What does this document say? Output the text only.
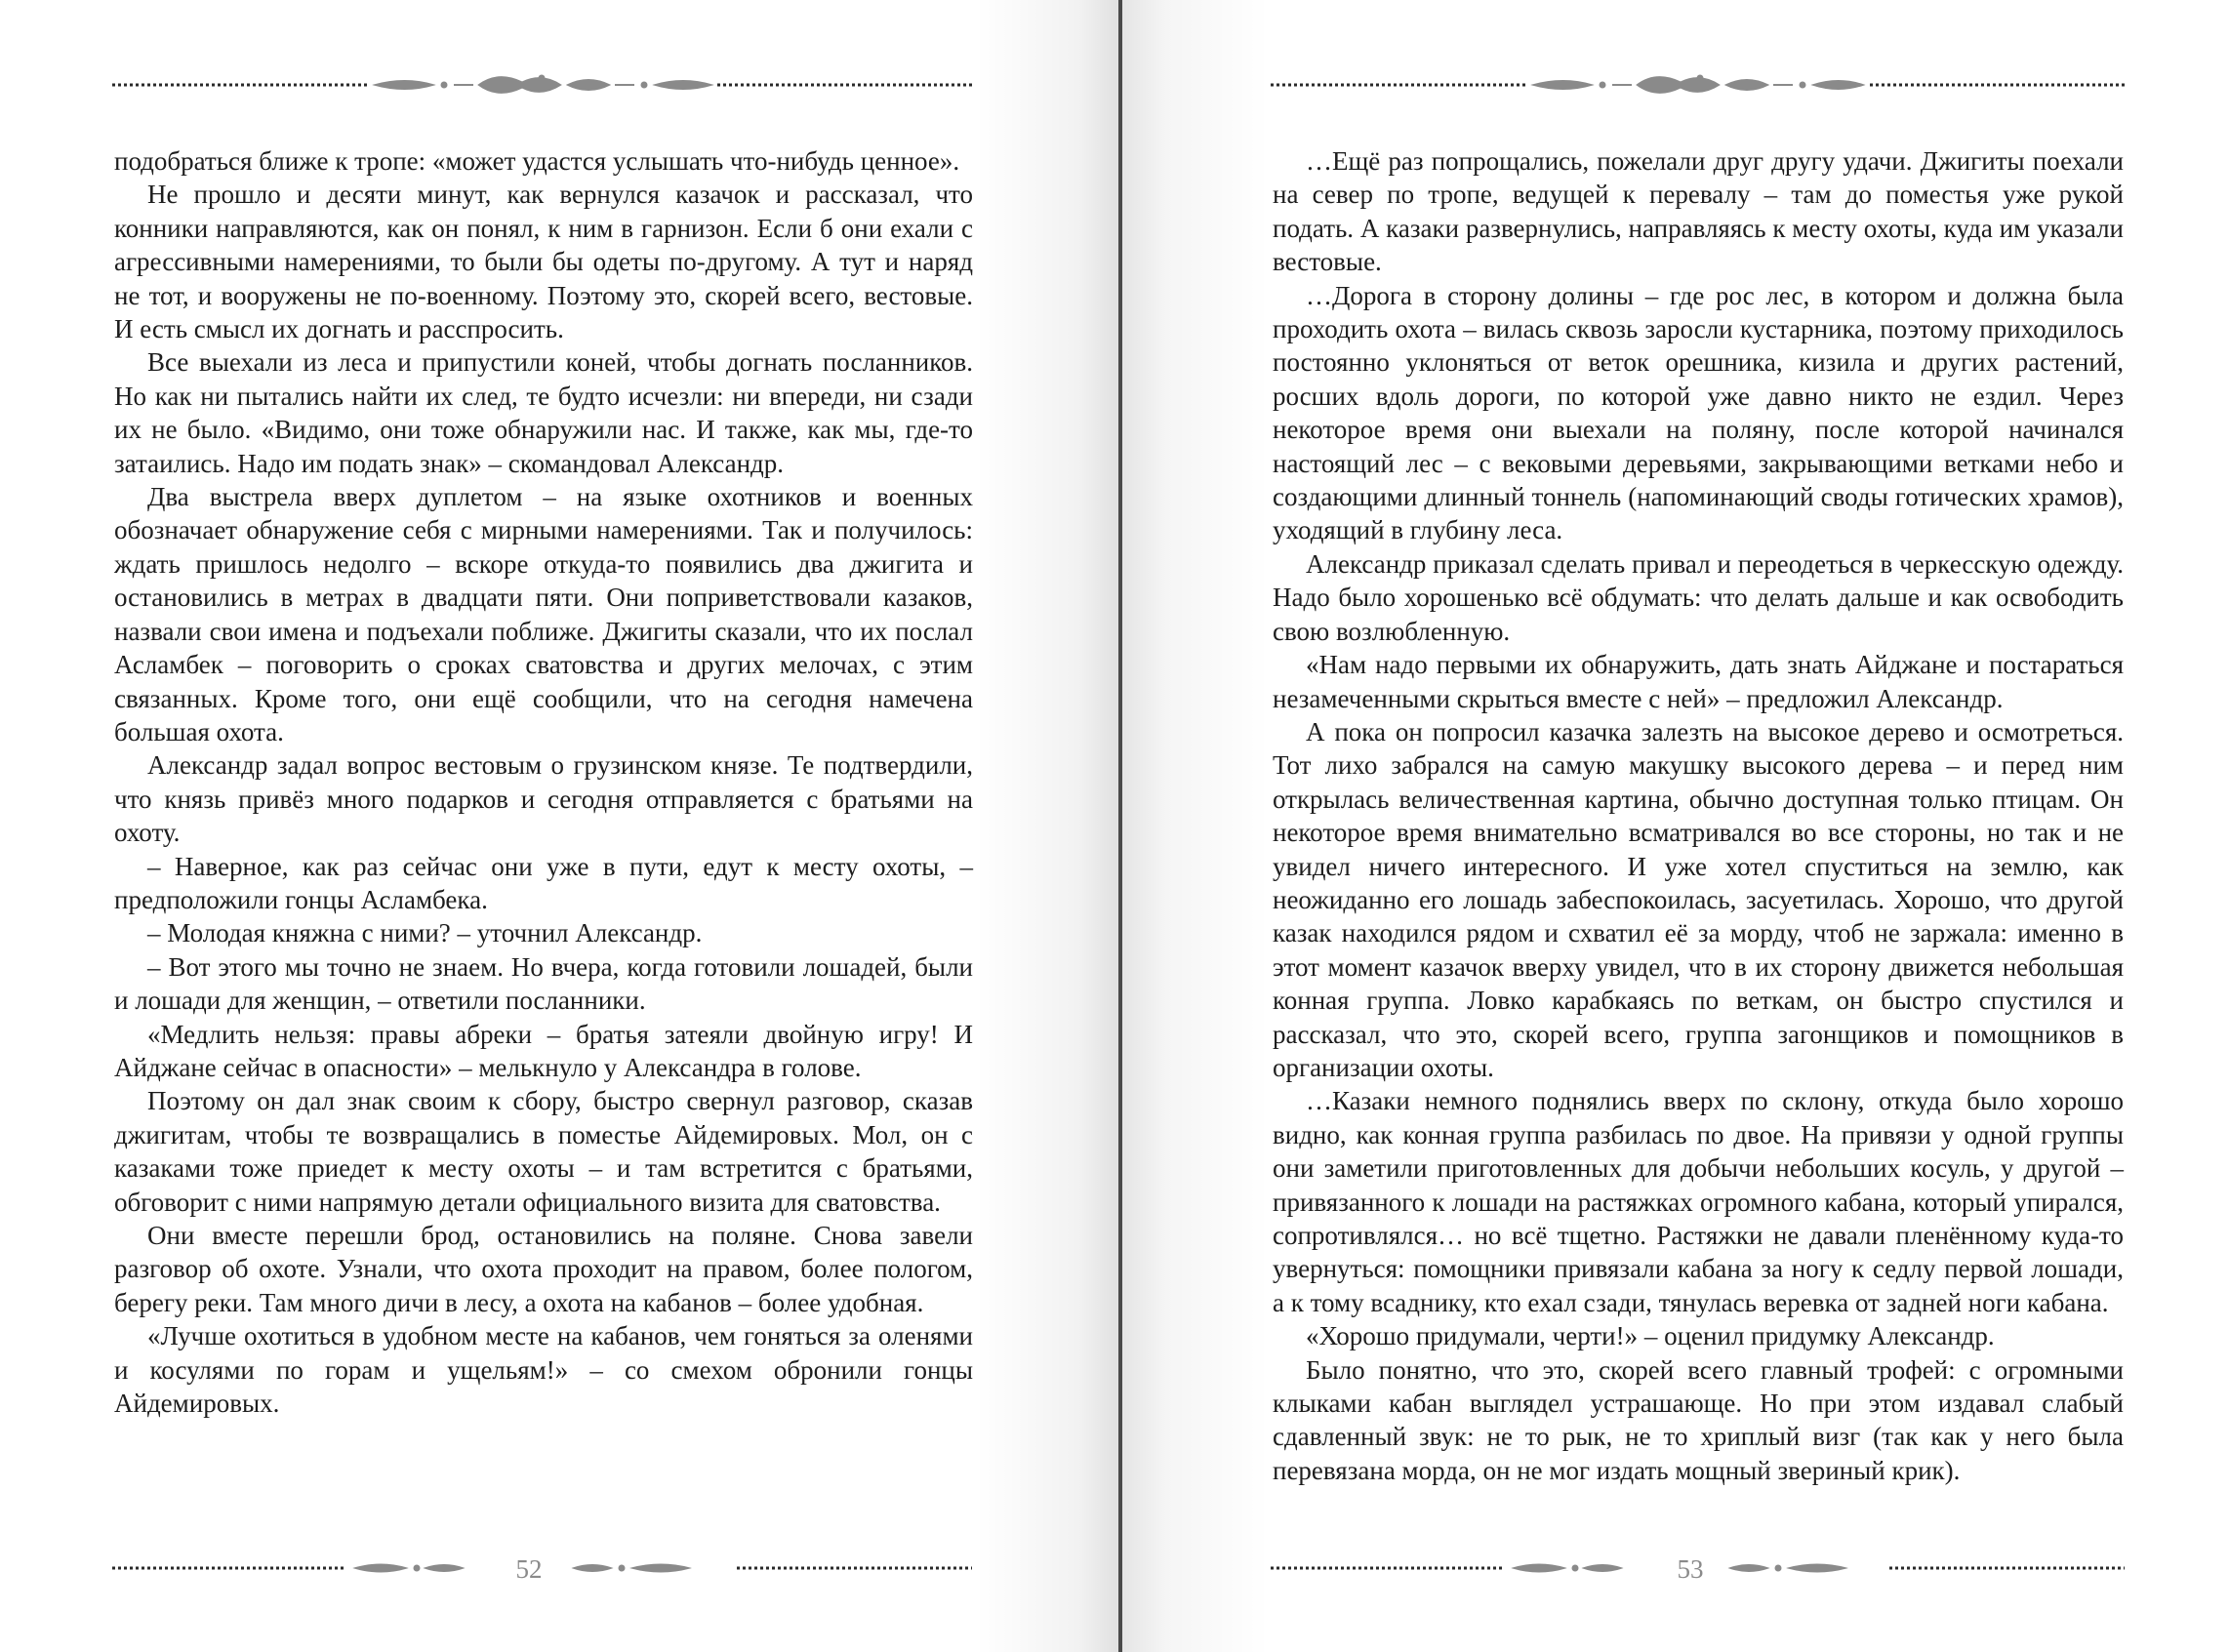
подобраться ближе к тропе: «может удастся услышать что-нибудь ценное».

Не прошло и десяти минут, как вернулся казачок и рассказал, что конники направляются, как он понял, к ним в гарнизон. Если б они ехали с агрессивными намерениями, то были бы одеты по-другому. А тут и наряд не тот, и вооружены не по-военному. Поэтому это, скорей всего, вестовые. И есть смысл их догнать и расспросить.

Все выехали из леса и припустили коней, чтобы догнать посланников. Но как ни пытались найти их след, те будто исчезли: ни впереди, ни сзади их не было. «Видимо, они тоже обнаружили нас. И также, как мы, где-то затаились. Надо им подать знак» – скомандовал Александр.

Два выстрела вверх дуплетом – на языке охотников и военных обозначает обнаружение себя с мирными намерениями. Так и получилось: ждать пришлось недолго – вскоре откуда-то появились два джигита и остановились в метрах в двадцати пяти. Они поприветствовали казаков, назвали свои имена и подъехали поближе. Джигиты сказали, что их послал Асламбек – поговорить о сроках сватовства и других мелочах, с этим связанных. Кроме того, они ещё сообщили, что на сегодня намечена большая охота.

Александр задал вопрос вестовым о грузинском князе. Те подтвердили, что князь привёз много подарков и сегодня отправляется с братьями на охоту.

– Наверное, как раз сейчас они уже в пути, едут к месту охоты, – предположили гонцы Асламбека.

– Молодая княжна с ними? – уточнил Александр.

– Вот этого мы точно не знаем. Но вчера, когда готовили лошадей, были и лошади для женщин, – ответили посланники.

«Медлить нельзя: правы абреки – братья затеяли двойную игру! И Айджане сейчас в опасности» – мелькнуло у Александра в голове.

Поэтому он дал знак своим к сбору, быстро свернул разговор, сказав джигитам, чтобы те возвращались в поместье Айдемировых. Мол, он с казаками тоже приедет к месту охоты – и там встретится с братьями, обговорит с ними напрямую детали официального визита для сватовства.

Они вместе перешли брод, остановились на поляне. Снова завели разговор об охоте. Узнали, что охота проходит на правом, более пологом, берегу реки. Там много дичи в лесу, а охота на кабанов – более удобная.

«Лучше охотиться в удобном месте на кабанов, чем гоняться за оленями и косулями по горам и ущельям!» – со смехом обронили гонцы Айдемировых.

…Ещё раз попрощались, пожелали друг другу удачи. Джигиты поехали на север по тропе, ведущей к перевалу – там до поместья уже рукой подать. А казаки развернулись, направляясь к месту охоты, куда им указали вестовые.

…Дорога в сторону долины – где рос лес, в котором и должна была проходить охота – вилась сквозь заросли кустарника, поэтому приходилось постоянно уклоняться от веток орешника, кизила и других растений, росших вдоль дороги, по которой уже давно никто не ездил. Через некоторое время они выехали на поляну, после которой начинался настоящий лес – с вековыми деревьями, закрывающими ветками небо и создающими длинный тоннель (напоминающий своды готических храмов), уходящий в глубину леса.

Александр приказал сделать привал и переодеться в черкесскую одежду. Надо было хорошенько всё обдумать: что делать дальше и как освободить свою возлюбленную.

«Нам надо первыми их обнаружить, дать знать Айджане и постараться незамеченными скрыться вместе с ней» – предложил Александр.

А пока он попросил казачка залезть на высокое дерево и осмотреться. Тот лихо забрался на самую макушку высокого дерева – и перед ним открылась величественная картина, обычно доступная только птицам. Он некоторое время внимательно всматривался во все стороны, но так и не увидел ничего интересного. И уже хотел спуститься на землю, как неожиданно его лошадь забеспокоилась, засуетилась. Хорошо, что другой казак находился рядом и схватил её за морду, чтоб не заржала: именно в этот момент казачок вверху увидел, что в их сторону движется небольшая конная группа. Ловко карабкаясь по веткам, он быстро спустился и рассказал, что это, скорей всего, группа загонщиков и помощников в организации охоты.

…Казаки немного поднялись вверх по склону, откуда было хорошо видно, как конная группа разбилась по двое. На привязи у одной группы они заметили приготовленных для добычи небольших косуль, у другой – привязанного к лошади на растяжках огромного кабана, который упирался, сопротивлялся… но всё тщетно. Растяжки не давали пленённому куда-то увернуться: помощники привязали кабана за ногу к седлу первой лошади, а к тому всаднику, кто ехал сзади, тянулась веревка от задней ноги кабана.

«Хорошо придумали, черти!» – оценил придумку Александр.

Было понятно, что это, скорей всего главный трофей: с огромными клыками кабан выглядел устрашающе. Но при этом издавал слабый сдавленный звук: не то рык, не то хриплый визг (так как у него была перевязана морда, он не мог издать мощный звериный крик).

52	53
